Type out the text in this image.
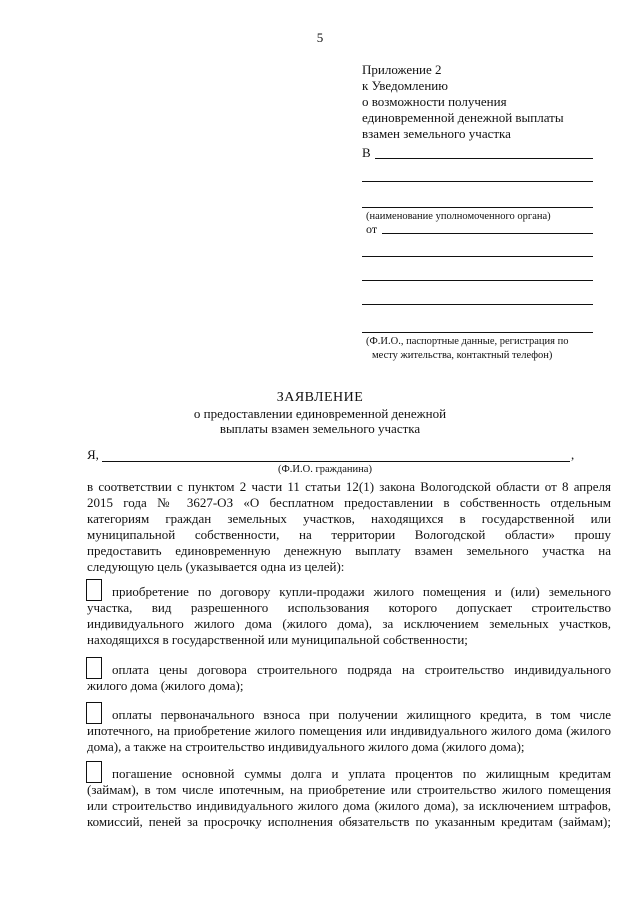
5
Приложение 2
к Уведомлению
о возможности получения
единовременной денежной выплаты
взамен земельного участка
В
(наименование уполномоченного органа)
от
(Ф.И.О., паспортные данные, регистрация по
месту жительства, контактный телефон)
ЗАЯВЛЕНИЕ
о предоставлении единовременной денежной
выплаты взамен земельного участка
Я,	,
(Ф.И.О. гражданина)
в соответствии с пунктом 2 части 11 статьи 12(1) закона Вологодской области от 8 апреля
2015 года № 3627-ОЗ «О бесплатном предоставлении в собственность отдельным
категориям граждан земельных участков, находящихся в государственной или
муниципальной собственности, на территории Вологодской области» прошу
предоставить единовременную денежную выплату взамен земельного участка на
следующую цель (указывается одна из целей):
приобретение по договору купли-продажи жилого помещения и (или) земельного
участка, вид разрешенного использования которого допускает строительство
индивидуального жилого дома (жилого дома), за исключением земельных участков,
находящихся в государственной или муниципальной собственности;
оплата цены договора строительного подряда на строительство индивидуального
жилого дома (жилого дома);
оплаты первоначального взноса при получении жилищного кредита, в том числе
ипотечного, на приобретение жилого помещения или индивидуального жилого дома (жилого
дома), а также на строительство индивидуального жилого дома (жилого дома);
погашение основной суммы долга и уплата процентов по жилищным кредитам
(займам), в том числе ипотечным, на приобретение или строительство жилого помещения
или строительство индивидуального жилого дома (жилого дома), за исключением штрафов,
комиссий, пеней за просрочку исполнения обязательств по указанным кредитам (займам);
